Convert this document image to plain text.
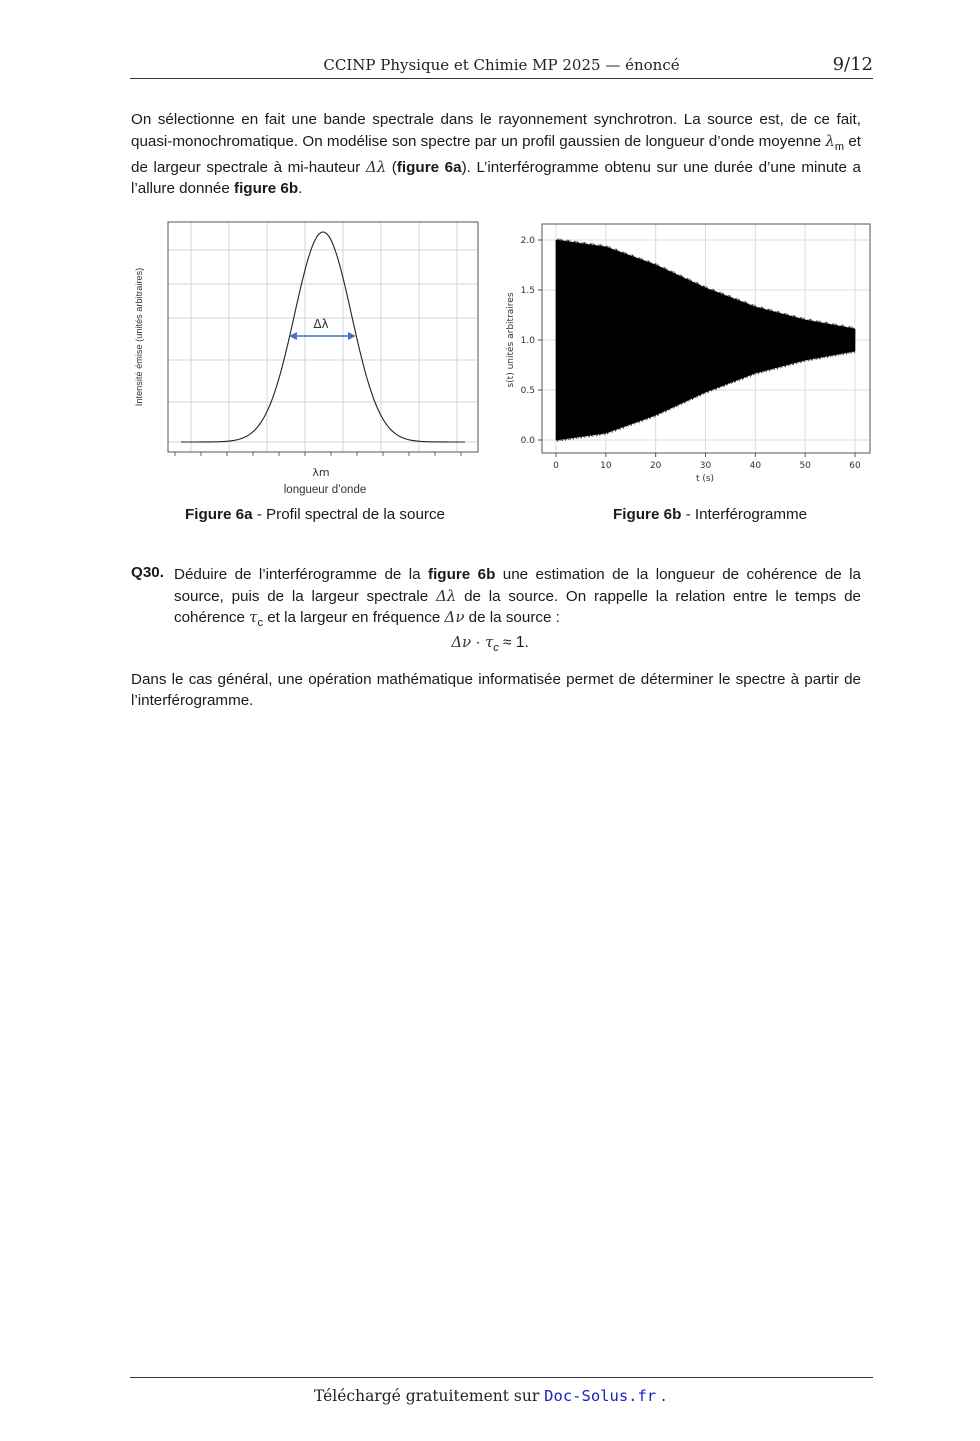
CCINP Physique et Chimie MP 2025 — énoncé	9/12
On sélectionne en fait une bande spectrale dans le rayonnement synchrotron. La source est, de ce fait, quasi-monochromatique. On modélise son spectre par un profil gaussien de longueur d’onde moyenne $\lambda_m$ et de largeur spectrale à mi-hauteur Δλ (figure 6a). L’interférogramme obtenu sur une durée d’une minute a l’allure donnée figure 6b.
Δλ
λm
longueur d’onde
Intensité émise (unités arbitraires)
Figure 6a - Profil spectral de la source
0	10	20	30	40	50	60
0.0
0.5
1.0
1.5
2.0
t (s)
s(t) unités arbitraires
Figure 6b - Interférogramme
Q30. Déduire de l’interférogramme de la figure 6b une estimation de la longueur de cohérence de la source, puis de la largeur spectrale Δλ de la source. On rappelle la relation entre le temps de cohérence $\tau_c$ et la largeur en fréquence Δν de la source :
$\Delta\nu \cdot \tau_c \approx 1$.
Dans le cas général, une opération mathématique informatisée permet de déterminer le spectre à partir de l’interférogramme.
Téléchargé gratuitement sur Doc-Solus.fr .
